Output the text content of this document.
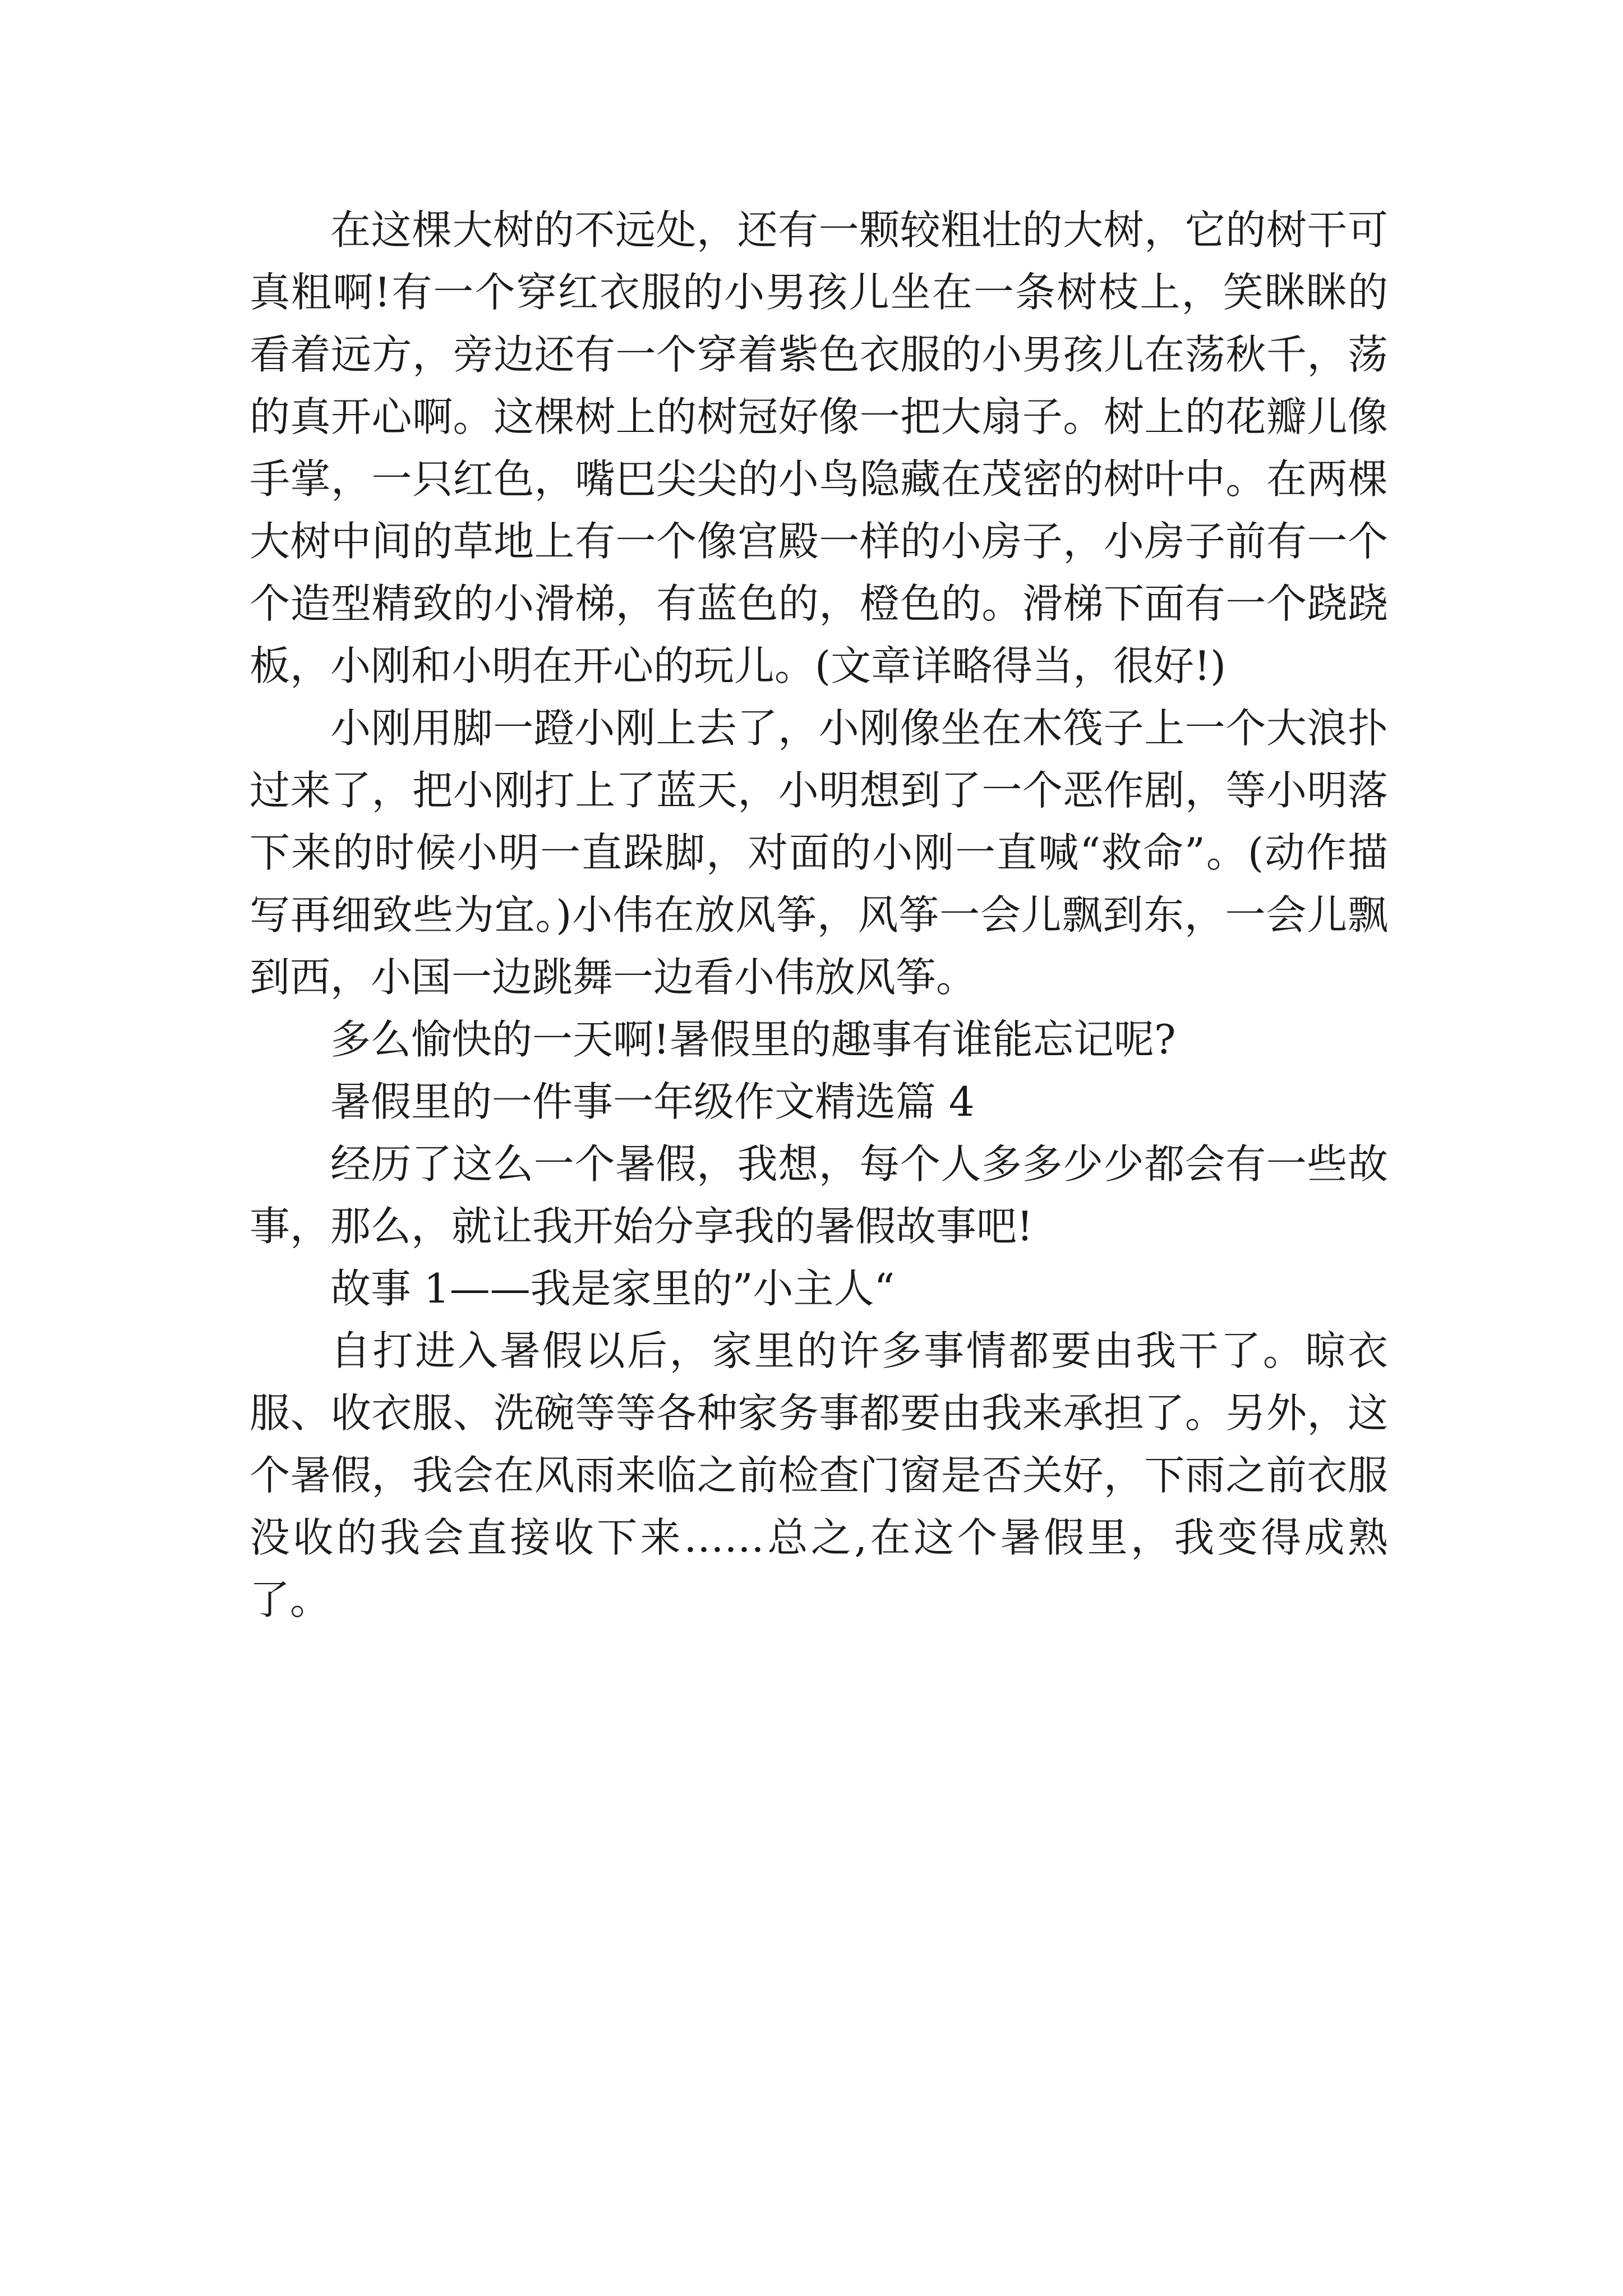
在这棵大树的不远处，还有一颗较粗壮的大树，它的树干可真粗啊!有一个穿红衣服的小男孩儿坐在一条树枝上，笑眯眯的看着远方，旁边还有一个穿着紫色衣服的小男孩儿在荡秋千，荡的真开心啊。这棵树上的树冠好像一把大扇子。树上的花瓣儿像手掌，一只红色，嘴巴尖尖的小鸟隐藏在茂密的树叶中。在两棵大树中间的草地上有一个像宫殿一样的小房子，小房子前有一个个造型精致的小滑梯，有蓝色的，橙色的。滑梯下面有一个跷跷板，小刚和小明在开心的玩儿。(文章详略得当，很好!)

小刚用脚一蹬小刚上去了，小刚像坐在木筏子上一个大浪扑过来了，把小刚打上了蓝天，小明想到了一个恶作剧，等小明落下来的时候小明一直跺脚，对面的小刚一直喊“救命”。(动作描写再细致些为宜。)小伟在放风筝，风筝一会儿飘到东，一会儿飘到西，小国一边跳舞一边看小伟放风筝。

多么愉快的一天啊!暑假里的趣事有谁能忘记呢?

暑假里的一件事一年级作文精选篇 4

经历了这么一个暑假，我想，每个人多多少少都会有一些故事，那么，就让我开始分享我的暑假故事吧!

故事 1——我是家里的”小主人“

自打进入暑假以后，家里的许多事情都要由我干了。晾衣服、收衣服、洗碗等等各种家务事都要由我来承担了。另外，这个暑假，我会在风雨来临之前检查门窗是否关好，下雨之前衣服没收的我会直接收下来……总之,在这个暑假里，我变得成熟了。
